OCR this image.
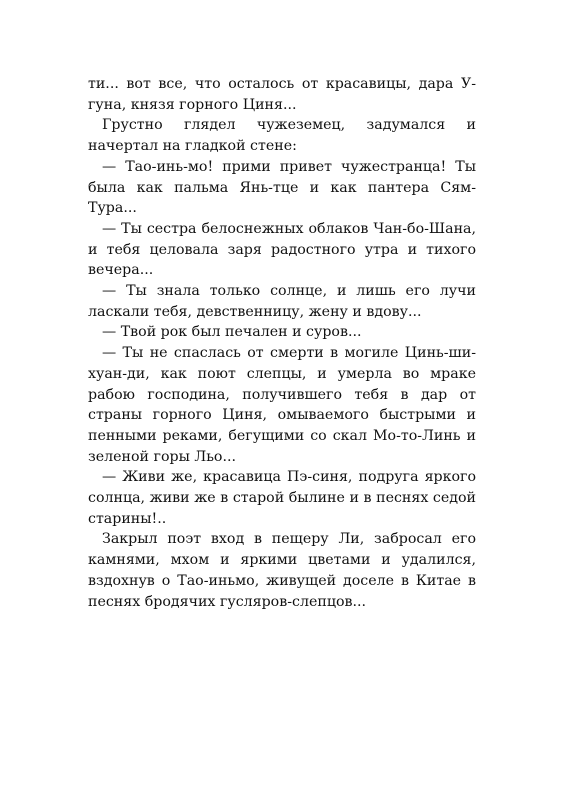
ти... вот все, что осталось от красавицы, дара У-гуна, князя горного Циня...

Грустно глядел чужеземец, задумался и начертал на гладкой стене:

— Тао-инь-мо! прими привет чужестранца! Ты была как пальма Янь-тце и как пантера Сям-Тура...

— Ты сестра белоснежных облаков Чан-бо-Шана, и тебя целовала заря радостного утра и тихого вечера...

— Ты знала только солнце, и лишь его лучи ласкали тебя, девственницу, жену и вдову...

— Твой рок был печален и суров...

— Ты не спаслась от смерти в могиле Цинь-ши-хуан-ди, как поют слепцы, и умерла во мраке рабою господина, получившего тебя в дар от страны горного Циня, омываемого быстрыми и пенными реками, бегущими со скал Мо-то-Линь и зеленой горы Льо...

— Живи же, красавица Пэ-синя, подруга яркого солнца, живи же в старой былине и в песнях седой старины!..

Закрыл поэт вход в пещеру Ли, забросал его камнями, мхом и яркими цветами и удалился, вздохнув о Тао-иньмо, живущей доселе в Китае в песнях бродячих гусляров-слепцов...
